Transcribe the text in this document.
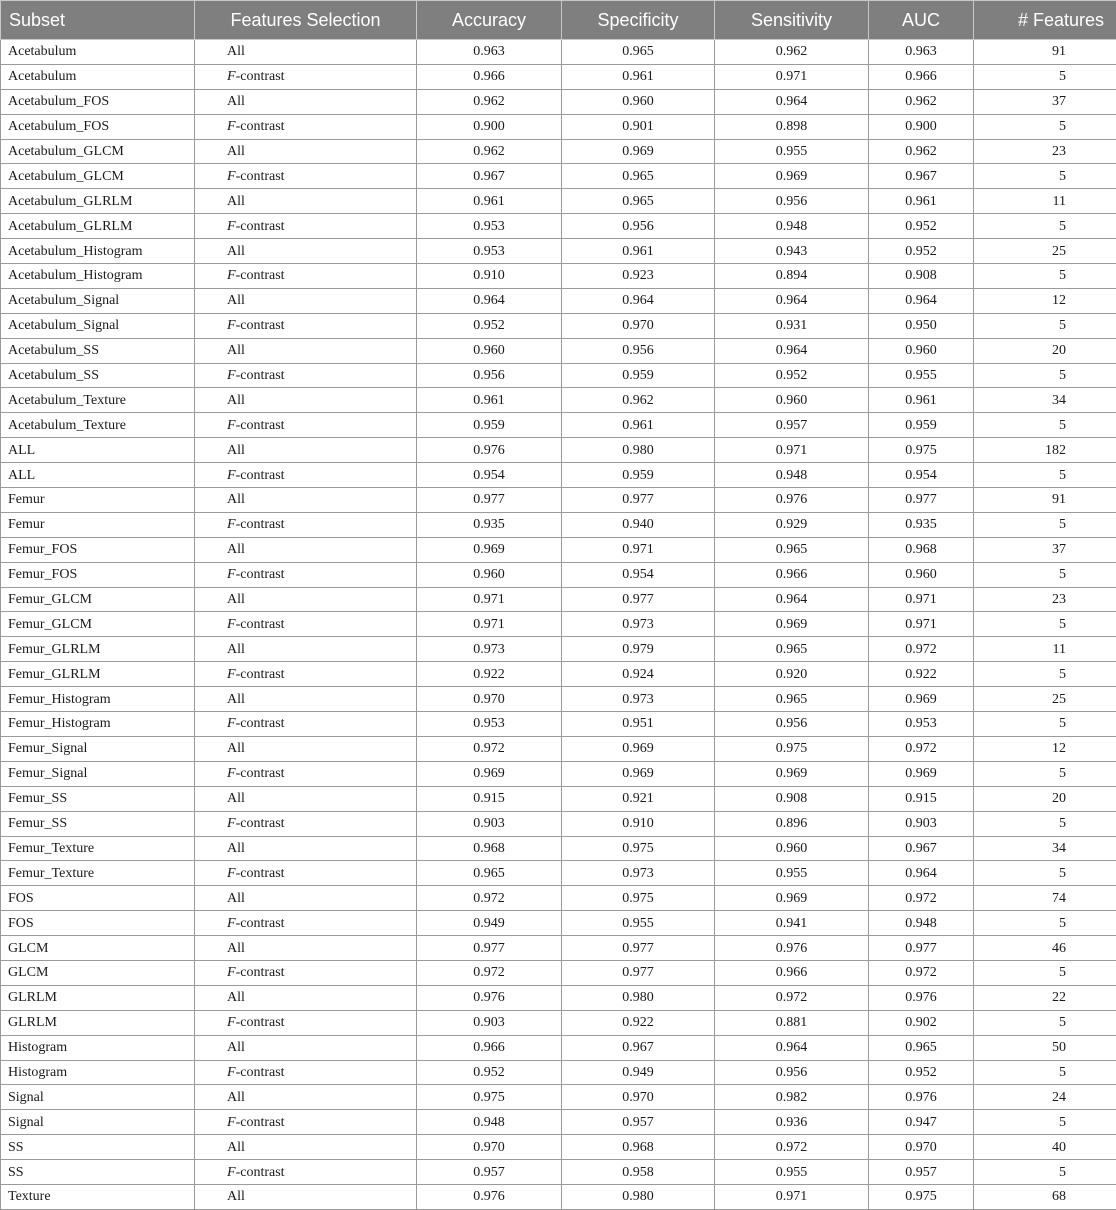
Subset	Features Selection	Accuracy	Specificity	Sensitivity	AUC	# Features
Acetabulum	All	0.963	0.965	0.962	0.963	91
Acetabulum	F-contrast	0.966	0.961	0.971	0.966	5
Acetabulum_FOS	All	0.962	0.960	0.964	0.962	37
Acetabulum_FOS	F-contrast	0.900	0.901	0.898	0.900	5
Acetabulum_GLCM	All	0.962	0.969	0.955	0.962	23
Acetabulum_GLCM	F-contrast	0.967	0.965	0.969	0.967	5
Acetabulum_GLRLM	All	0.961	0.965	0.956	0.961	11
Acetabulum_GLRLM	F-contrast	0.953	0.956	0.948	0.952	5
Acetabulum_Histogram	All	0.953	0.961	0.943	0.952	25
Acetabulum_Histogram	F-contrast	0.910	0.923	0.894	0.908	5
Acetabulum_Signal	All	0.964	0.964	0.964	0.964	12
Acetabulum_Signal	F-contrast	0.952	0.970	0.931	0.950	5
Acetabulum_SS	All	0.960	0.956	0.964	0.960	20
Acetabulum_SS	F-contrast	0.956	0.959	0.952	0.955	5
Acetabulum_Texture	All	0.961	0.962	0.960	0.961	34
Acetabulum_Texture	F-contrast	0.959	0.961	0.957	0.959	5
ALL	All	0.976	0.980	0.971	0.975	182
ALL	F-contrast	0.954	0.959	0.948	0.954	5
Femur	All	0.977	0.977	0.976	0.977	91
Femur	F-contrast	0.935	0.940	0.929	0.935	5
Femur_FOS	All	0.969	0.971	0.965	0.968	37
Femur_FOS	F-contrast	0.960	0.954	0.966	0.960	5
Femur_GLCM	All	0.971	0.977	0.964	0.971	23
Femur_GLCM	F-contrast	0.971	0.973	0.969	0.971	5
Femur_GLRLM	All	0.973	0.979	0.965	0.972	11
Femur_GLRLM	F-contrast	0.922	0.924	0.920	0.922	5
Femur_Histogram	All	0.970	0.973	0.965	0.969	25
Femur_Histogram	F-contrast	0.953	0.951	0.956	0.953	5
Femur_Signal	All	0.972	0.969	0.975	0.972	12
Femur_Signal	F-contrast	0.969	0.969	0.969	0.969	5
Femur_SS	All	0.915	0.921	0.908	0.915	20
Femur_SS	F-contrast	0.903	0.910	0.896	0.903	5
Femur_Texture	All	0.968	0.975	0.960	0.967	34
Femur_Texture	F-contrast	0.965	0.973	0.955	0.964	5
FOS	All	0.972	0.975	0.969	0.972	74
FOS	F-contrast	0.949	0.955	0.941	0.948	5
GLCM	All	0.977	0.977	0.976	0.977	46
GLCM	F-contrast	0.972	0.977	0.966	0.972	5
GLRLM	All	0.976	0.980	0.972	0.976	22
GLRLM	F-contrast	0.903	0.922	0.881	0.902	5
Histogram	All	0.966	0.967	0.964	0.965	50
Histogram	F-contrast	0.952	0.949	0.956	0.952	5
Signal	All	0.975	0.970	0.982	0.976	24
Signal	F-contrast	0.948	0.957	0.936	0.947	5
SS	All	0.970	0.968	0.972	0.970	40
SS	F-contrast	0.957	0.958	0.955	0.957	5
Texture	All	0.976	0.980	0.971	0.975	68
